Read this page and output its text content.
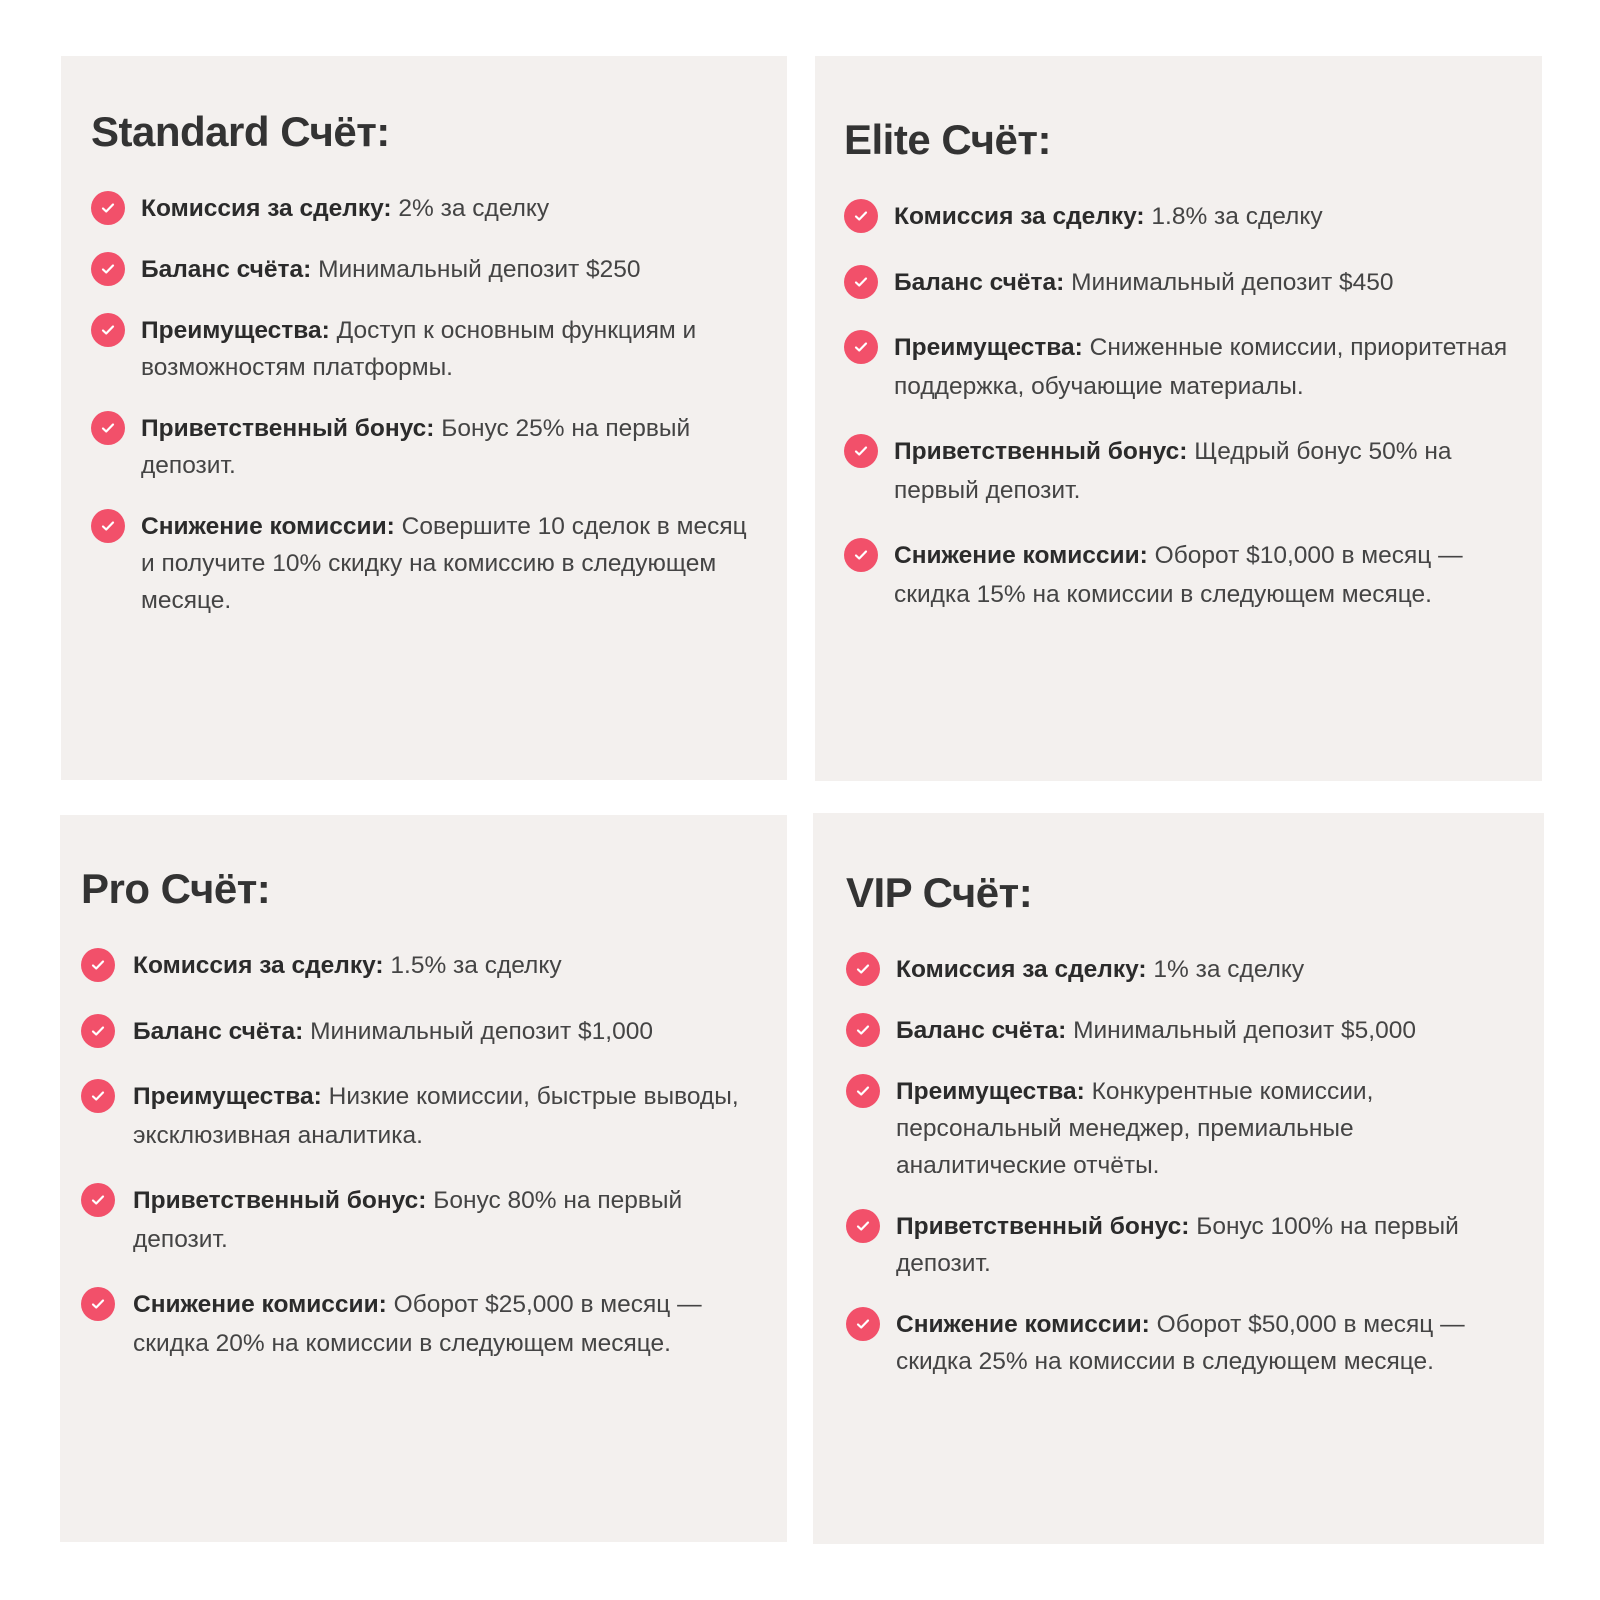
Standard Счёт:
Комиссия за сделку: 2% за сделку
Баланс счёта: Минимальный депозит $250
Преимущества: Доступ к основным функциям и возможностям платформы.
Приветственный бонус: Бонус 25% на первый депозит.
Снижение комиссии: Совершите 10 сделок в месяц и получите 10% скидку на комиссию в следующем месяце.
Elite Счёт:
Комиссия за сделку: 1.8% за сделку
Баланс счёта: Минимальный депозит $450
Преимущества: Сниженные комиссии, приоритетная поддержка, обучающие материалы.
Приветственный бонус: Щедрый бонус 50% на первый депозит.
Снижение комиссии: Оборот $10,000 в месяц — скидка 15% на комиссии в следующем месяце.
Pro Счёт:
Комиссия за сделку: 1.5% за сделку
Баланс счёта: Минимальный депозит $1,000
Преимущества: Низкие комиссии, быстрые выводы, эксклюзивная аналитика.
Приветственный бонус: Бонус 80% на первый депозит.
Снижение комиссии: Оборот $25,000 в месяц — скидка 20% на комиссии в следующем месяце.
VIP Счёт:
Комиссия за сделку: 1% за сделку
Баланс счёта: Минимальный депозит $5,000
Преимущества: Конкурентные комиссии, персональный менеджер, премиальные аналитические отчёты.
Приветственный бонус: Бонус 100% на первый депозит.
Снижение комиссии: Оборот $50,000 в месяц — скидка 25% на комиссии в следующем месяце.
